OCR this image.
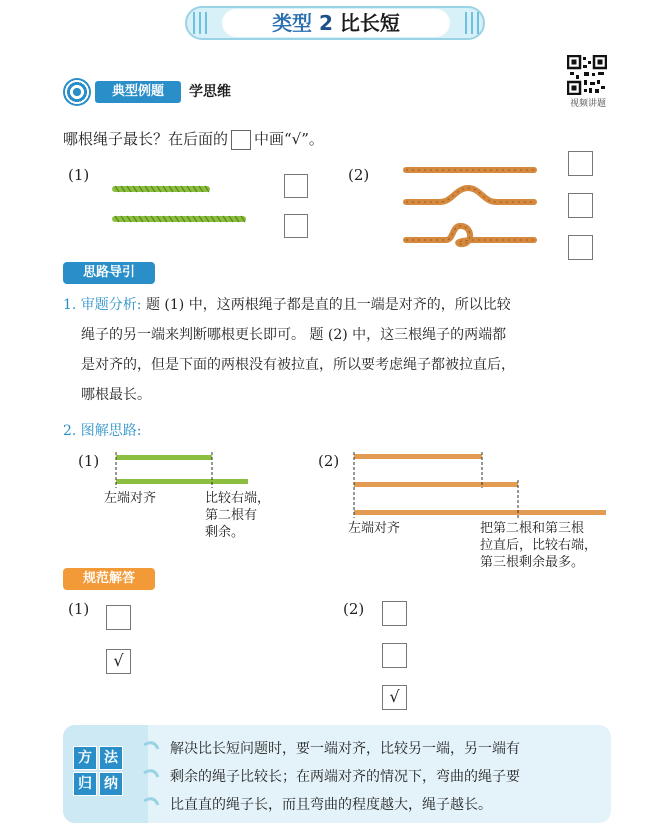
类型 2 比长短
典型例题	学思维
视频讲题
哪根绳子最长？在后面的 中画“√”。
(1)	(2)
思路导引
1. 审题分析: 题 (1) 中，这两根绳子都是直的且一端是对齐的，所以比较
绳子的另一端来判断哪根更长即可。 题 (2) 中，这三根绳子的两端都
是对齐的，但是下面的两根没有被拉直，所以要考虑绳子都被拉直后，
哪根最长。
2. 图解思路:
(1)
左端对齐	比较右端，
第二根有
剩余。
(2)
左端对齐	把第二根和第三根
拉直后，比较右端，
第三根剩余最多。
规范解答
(1)
√
(2)
√
方 法
归 纳
解决比长短问题时，要一端对齐，比较另一端，另一端有
剩余的绳子比较长；在两端对齐的情况下，弯曲的绳子要
比直直的绳子长，而且弯曲的程度越大，绳子越长。
